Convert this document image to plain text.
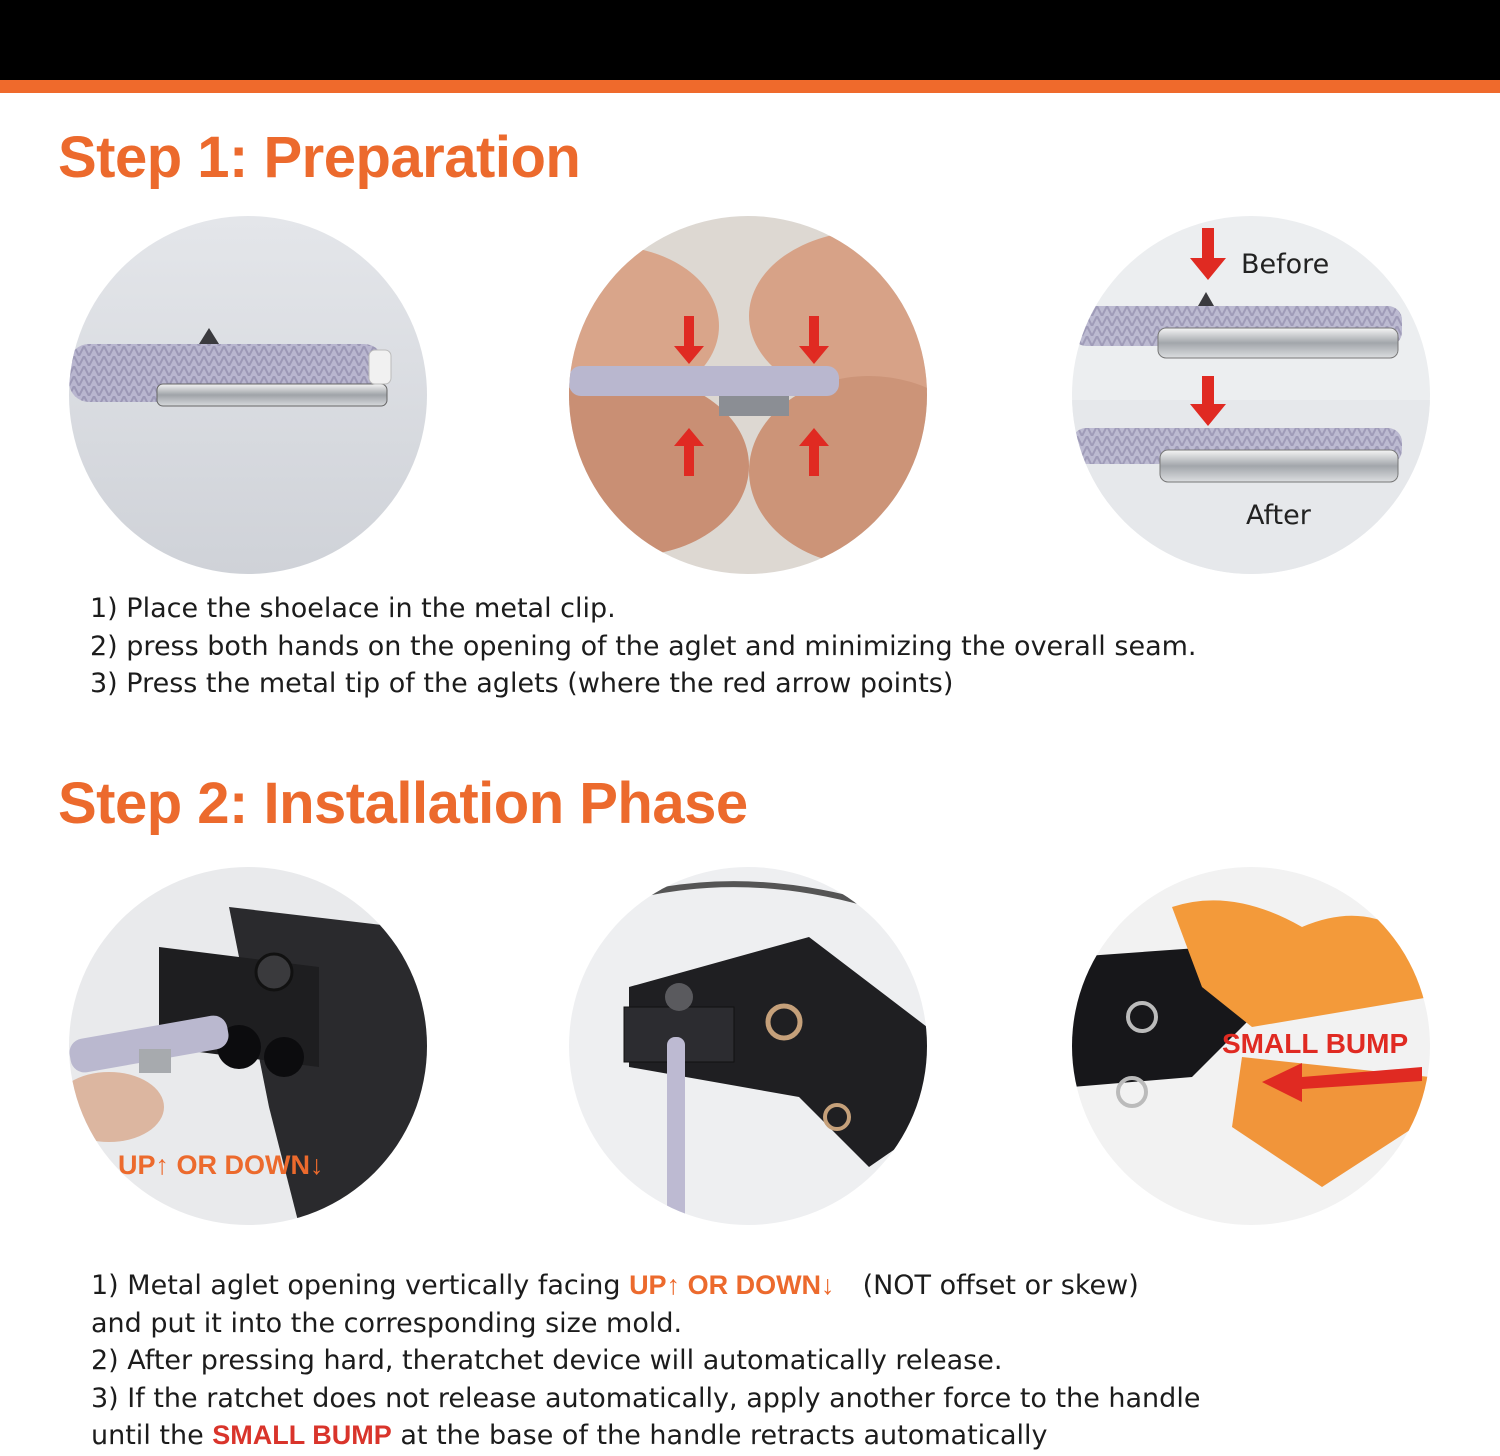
Step 1: Preparation
Before
After
1) Place the shoelace in the metal clip.
2) press both hands on the opening of the aglet and minimizing the overall seam.
3) Press the metal tip of the aglets (where the red arrow points)
Step 2: Installation Phase
UP↑ OR DOWN↓
SMALL BUMP
1) Metal aglet opening vertically facing UP↑ OR DOWN↓ (NOT offset or skew)
and put it into the corresponding size mold.
2) After pressing hard, theratchet device will automatically release.
3) If the ratchet does not release automatically, apply another force to the handle
until the SMALL BUMP at the base of the handle retracts automatically
